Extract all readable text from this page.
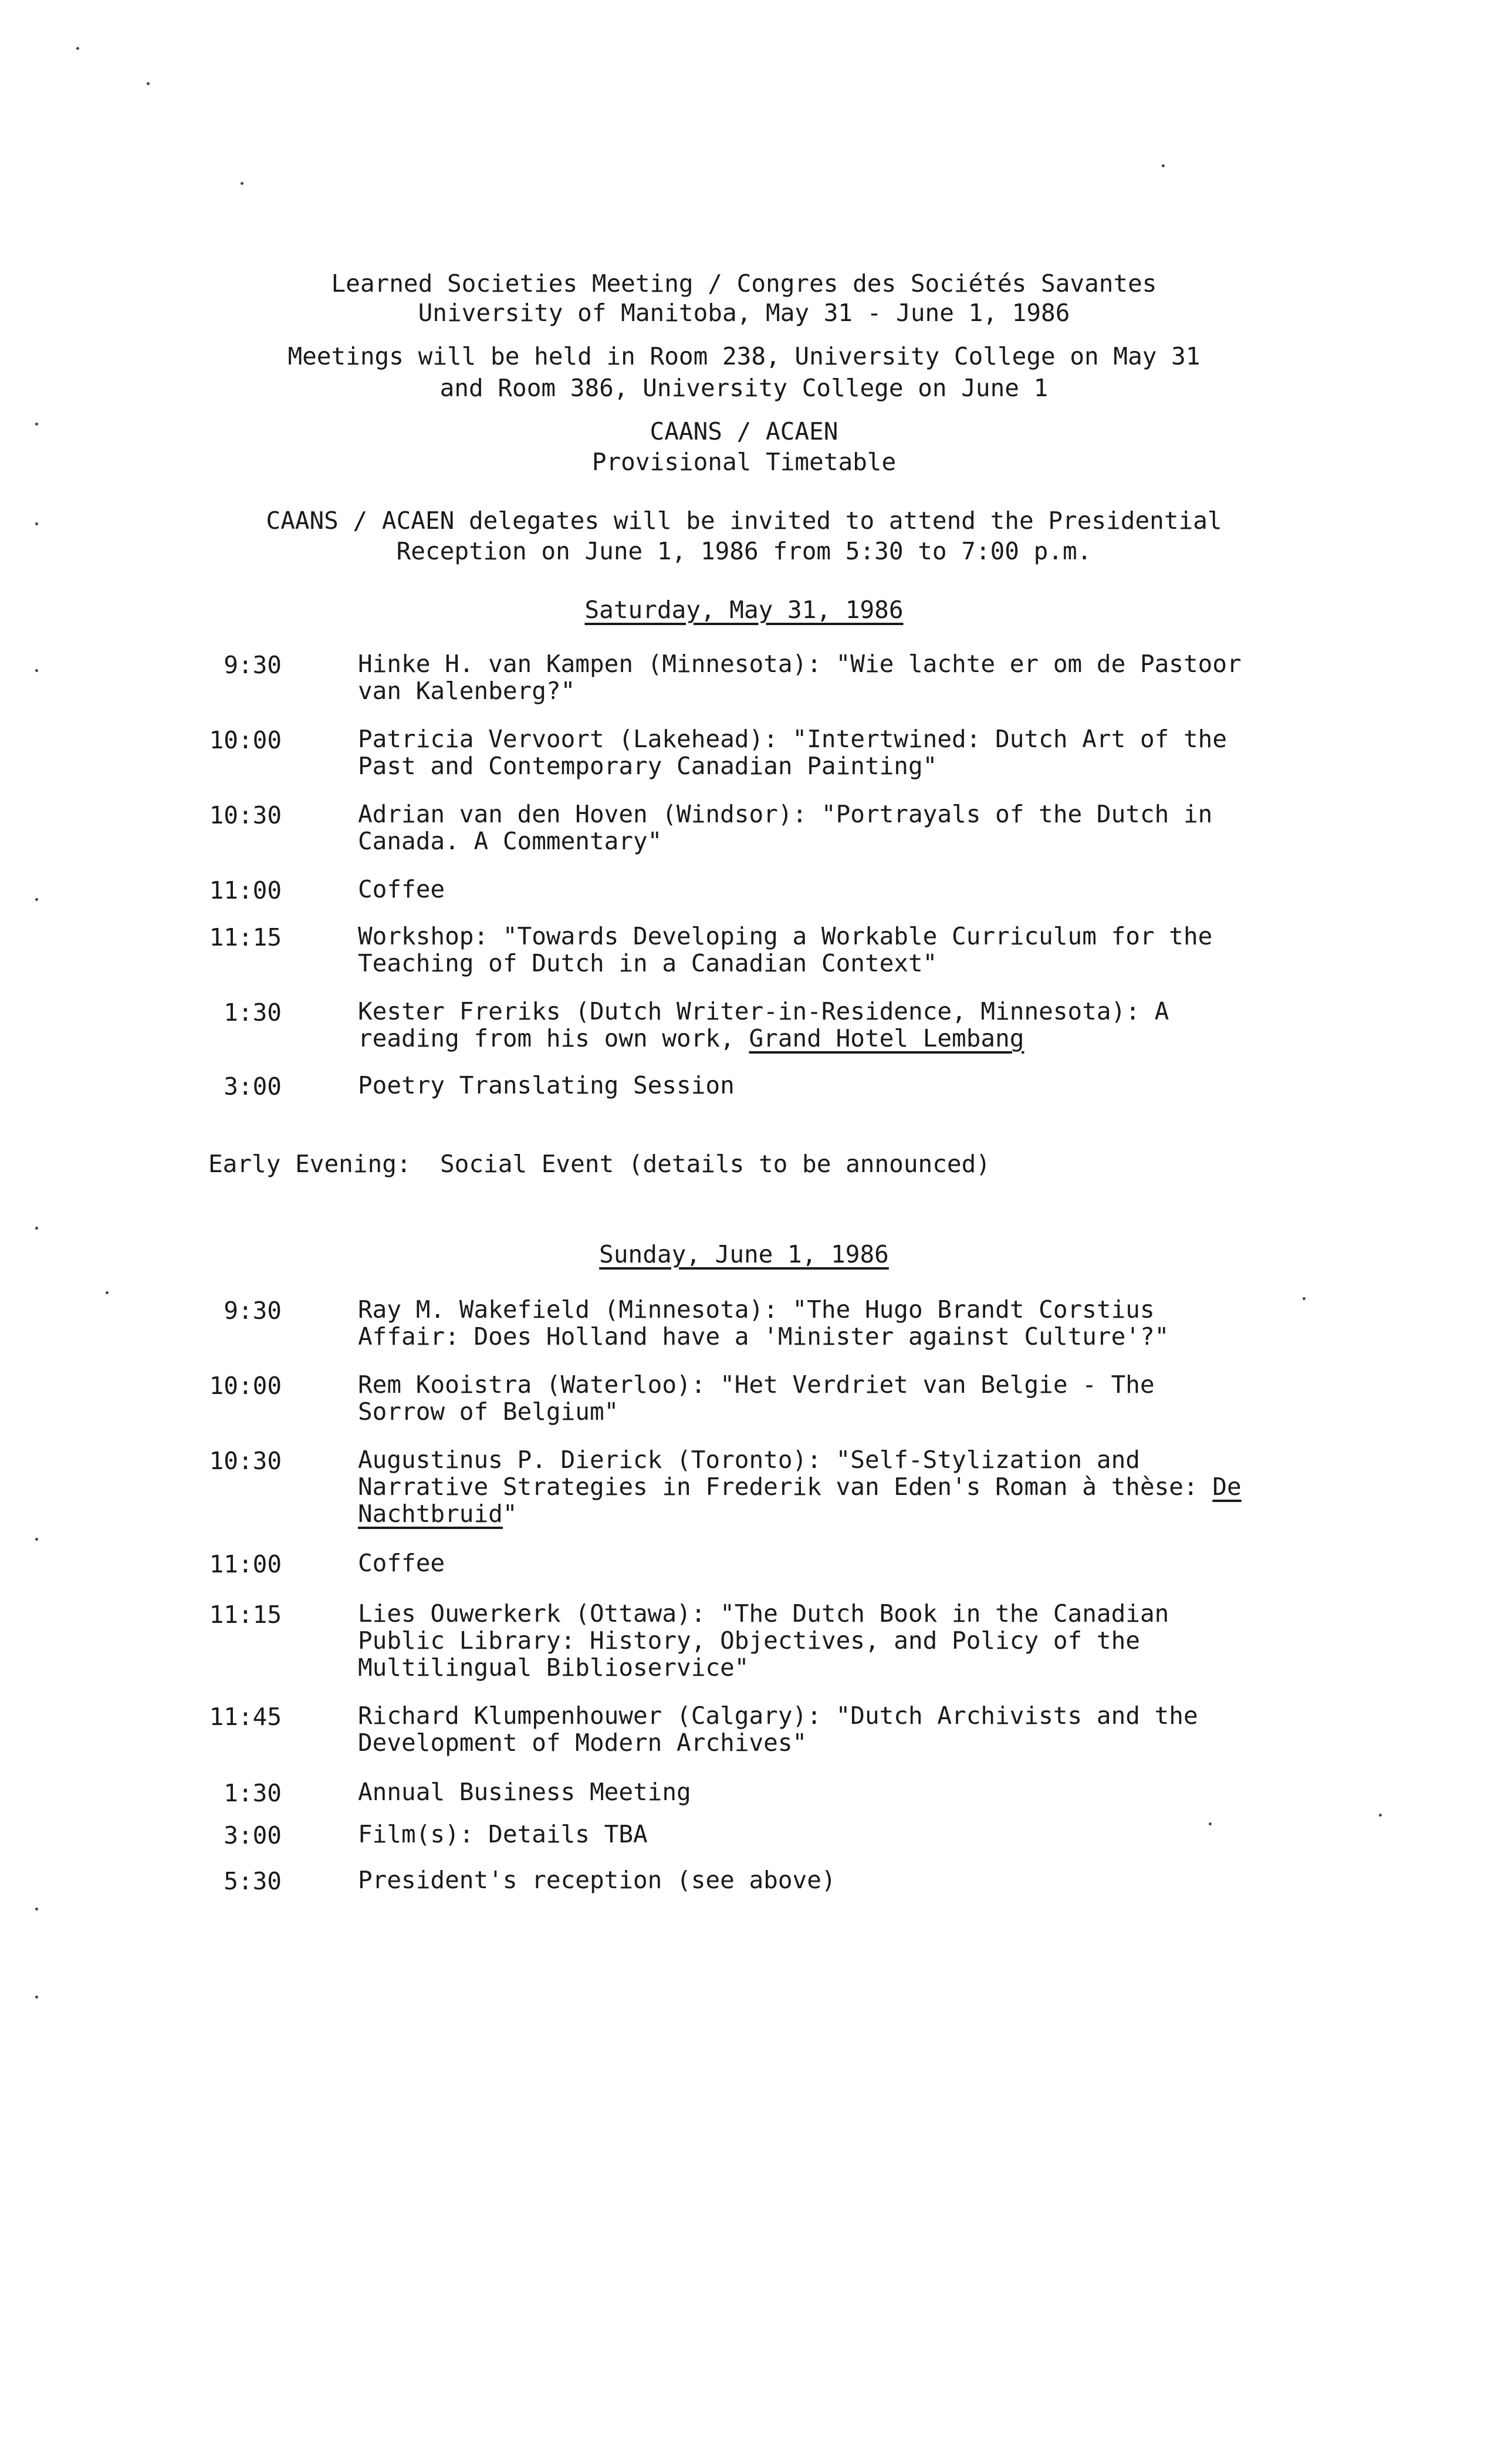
Learned Societies Meeting / Congres des Sociétés Savantes
University of Manitoba, May 31 - June 1, 1986
Meetings will be held in Room 238, University College on May 31
and Room 386, University College on June 1
CAANS / ACAEN
Provisional Timetable
CAANS / ACAEN delegates will be invited to attend the Presidential
Reception on June 1, 1986 from 5:30 to 7:00 p.m.
Saturday, May 31, 1986
9:30	Hinke H. van Kampen (Minnesota): "Wie lachte er om de Pastoor
van Kalenberg?"
10:00	Patricia Vervoort (Lakehead): "Intertwined: Dutch Art of the
Past and Contemporary Canadian Painting"
10:30	Adrian van den Hoven (Windsor): "Portrayals of the Dutch in
Canada. A Commentary"
11:00	Coffee
11:15	Workshop: "Towards Developing a Workable Curriculum for the
Teaching of Dutch in a Canadian Context"
1:30	Kester Freriks (Dutch Writer-in-Residence, Minnesota): A
reading from his own work, Grand Hotel Lembang
3:00	Poetry Translating Session
Early Evening: Social Event (details to be announced)
Sunday, June 1, 1986
9:30	Ray M. Wakefield (Minnesota): "The Hugo Brandt Corstius
Affair: Does Holland have a 'Minister against Culture'?"
10:00	Rem Kooistra (Waterloo): "Het Verdriet van Belgie - The
Sorrow of Belgium"
10:30	Augustinus P. Dierick (Toronto): "Self-Stylization and
Narrative Strategies in Frederik van Eden's Roman à thèse: De
Nachtbruid"
11:00	Coffee
11:15	Lies Ouwerkerk (Ottawa): "The Dutch Book in the Canadian
Public Library: History, Objectives, and Policy of the
Multilingual Biblioservice"
11:45	Richard Klumpenhouwer (Calgary): "Dutch Archivists and the
Development of Modern Archives"
1:30	Annual Business Meeting
3:00	Film(s): Details TBA
5:30	President's reception (see above)
